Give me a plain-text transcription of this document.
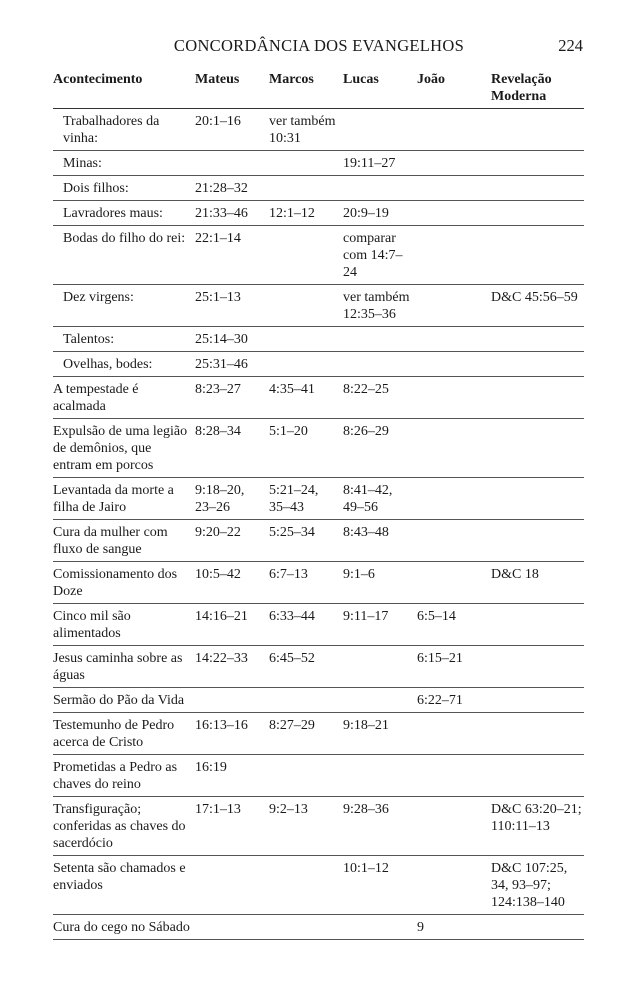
CONCORDÂNCIA DOS EVANGELHOS	224
Acontecimento	Mateus	Marcos	Lucas	João	Revelação Moderna
Trabalhadores da vinha:	20:1–16	ver também 10:31			
Minas:			19:11–27		
Dois filhos:	21:28–32				
Lavradores maus:	21:33–46	12:1–12	20:9–19		
Bodas do filho do rei:	22:1–14		comparar com 14:7–24		
Dez virgens:	25:1–13		ver também 12:35–36		D&C 45:56–59
Talentos:	25:14–30				
Ovelhas, bodes:	25:31–46				
A tempestade é acalmada	8:23–27	4:35–41	8:22–25		
Expulsão de uma legião de demônios, que entram em porcos	8:28–34	5:1–20	8:26–29		
Levantada da morte a filha de Jairo	9:18–20, 23–26	5:21–24, 35–43	8:41–42, 49–56		
Cura da mulher com fluxo de sangue	9:20–22	5:25–34	8:43–48		
Comissionamento dos Doze	10:5–42	6:7–13	9:1–6		D&C 18
Cinco mil são alimentados	14:16–21	6:33–44	9:11–17	6:5–14	
Jesus caminha sobre as águas	14:22–33	6:45–52		6:15–21	
Sermão do Pão da Vida				6:22–71	
Testemunho de Pedro acerca de Cristo	16:13–16	8:27–29	9:18–21		
Prometidas a Pedro as chaves do reino	16:19				
Transfiguração; conferidas as chaves do sacerdócio	17:1–13	9:2–13	9:28–36		D&C 63:20–21; 110:11–13
Setenta são chamados e enviados			10:1–12		D&C 107:25, 34, 93–97; 124:138–140
Cura do cego no Sábado				9	
